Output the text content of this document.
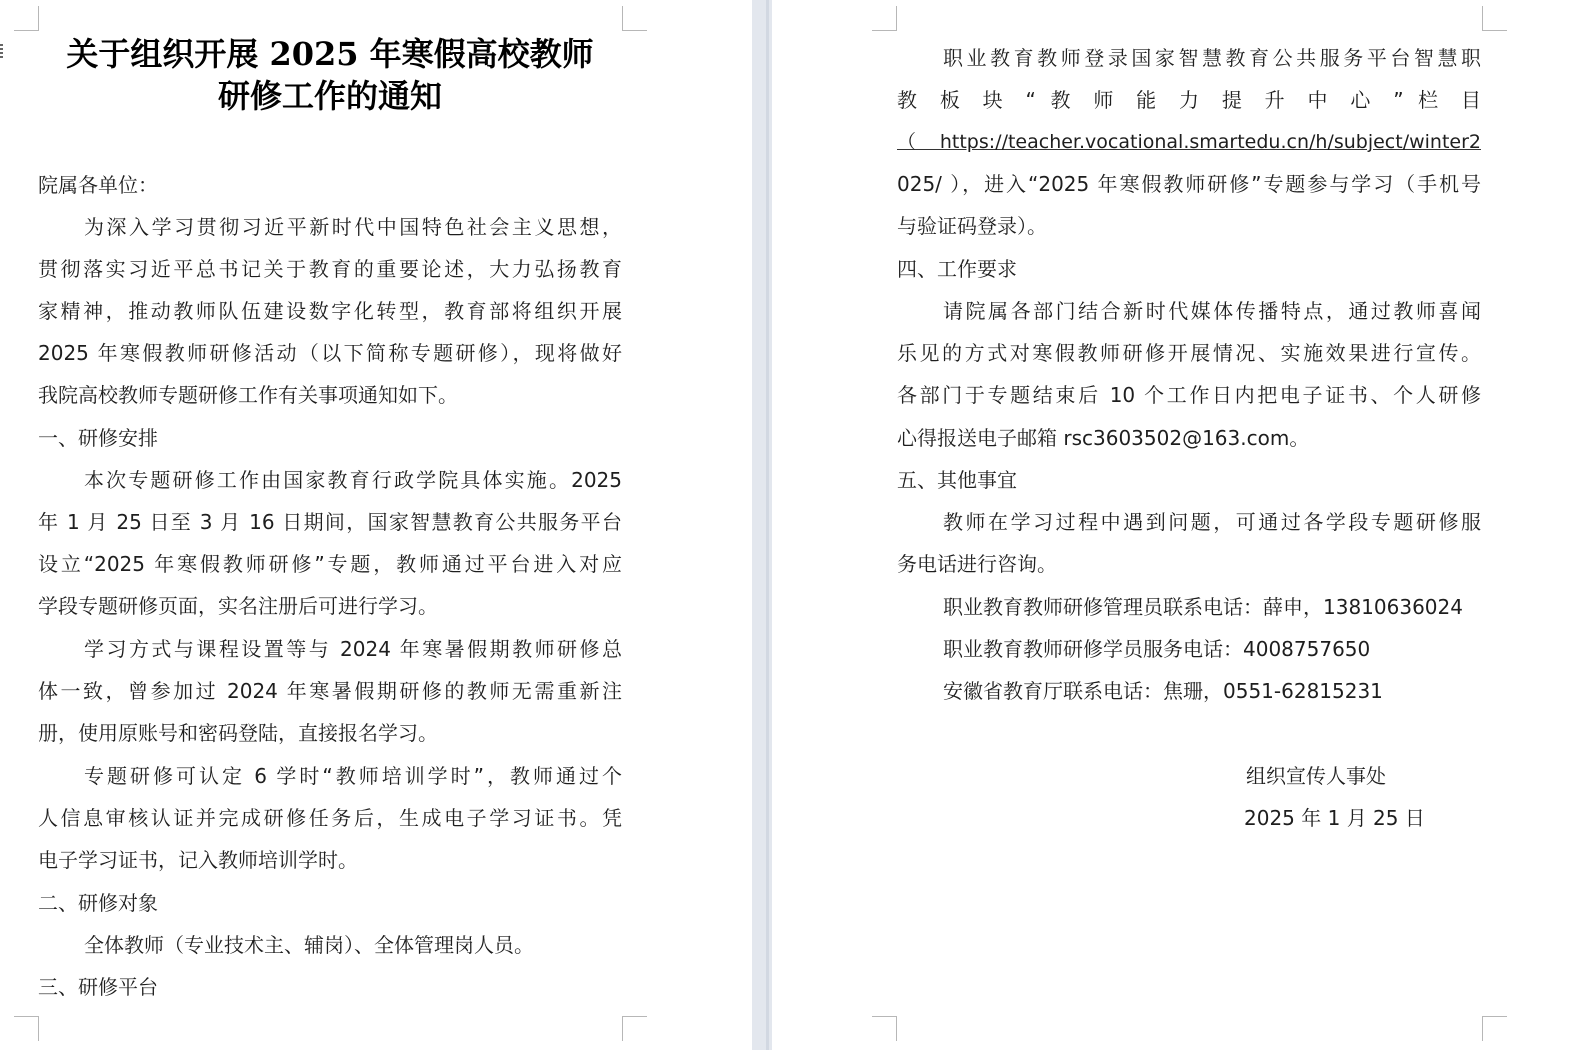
关于组织开展 2025 年寒假高校教师
研修工作的通知
院属各单位：
为深入学习贯彻习近平新时代中国特色社会主义思想，
贯彻落实习近平总书记关于教育的重要论述，大力弘扬教育
家精神，推动教师队伍建设数字化转型，教育部将组织开展
2025 年寒假教师研修活动（以下简称专题研修），现将做好
我院高校教师专题研修工作有关事项通知如下。
一、研修安排
本次专题研修工作由国家教育行政学院具体实施。2025
年 1 月 25 日至 3 月 16 日期间，国家智慧教育公共服务平台
设立“2025 年寒假教师研修”专题，教师通过平台进入对应
学段专题研修页面，实名注册后可进行学习。
学习方式与课程设置等与 2024 年寒暑假期教师研修总
体一致，曾参加过 2024 年寒暑假期研修的教师无需重新注
册，使用原账号和密码登陆，直接报名学习。
专题研修可认定 6 学时“教师培训学时”，教师通过个
人信息审核认证并完成研修任务后，生成电子学习证书。凭
电子学习证书，记入教师培训学时。
二、研修对象
全体教师（专业技术主、辅岗）、全体管理岗人员。
三、研修平台
职业教育教师登录国家智慧教育公共服务平台智慧职
教 板 块 “ 教 师 能 力 提 升 中 心 ” 栏 目
（ https://teacher.vocational.smartedu.cn/h/subject/winter2
025/ ），进入“2025 年寒假教师研修”专题参与学习（手机号
与验证码登录）。
四、工作要求
请院属各部门结合新时代媒体传播特点，通过教师喜闻
乐见的方式对寒假教师研修开展情况、实施效果进行宣传。
各部门于专题结束后 10 个工作日内把电子证书、个人研修
心得报送电子邮箱 rsc3603502@163.com。
五、其他事宜
教师在学习过程中遇到问题，可通过各学段专题研修服
务电话进行咨询。
职业教育教师研修管理员联系电话：薛申，13810636024
职业教育教师研修学员服务电话：4008757650
安徽省教育厅联系电话：焦珊，0551-62815231
组织宣传人事处
2025 年 1 月 25 日
